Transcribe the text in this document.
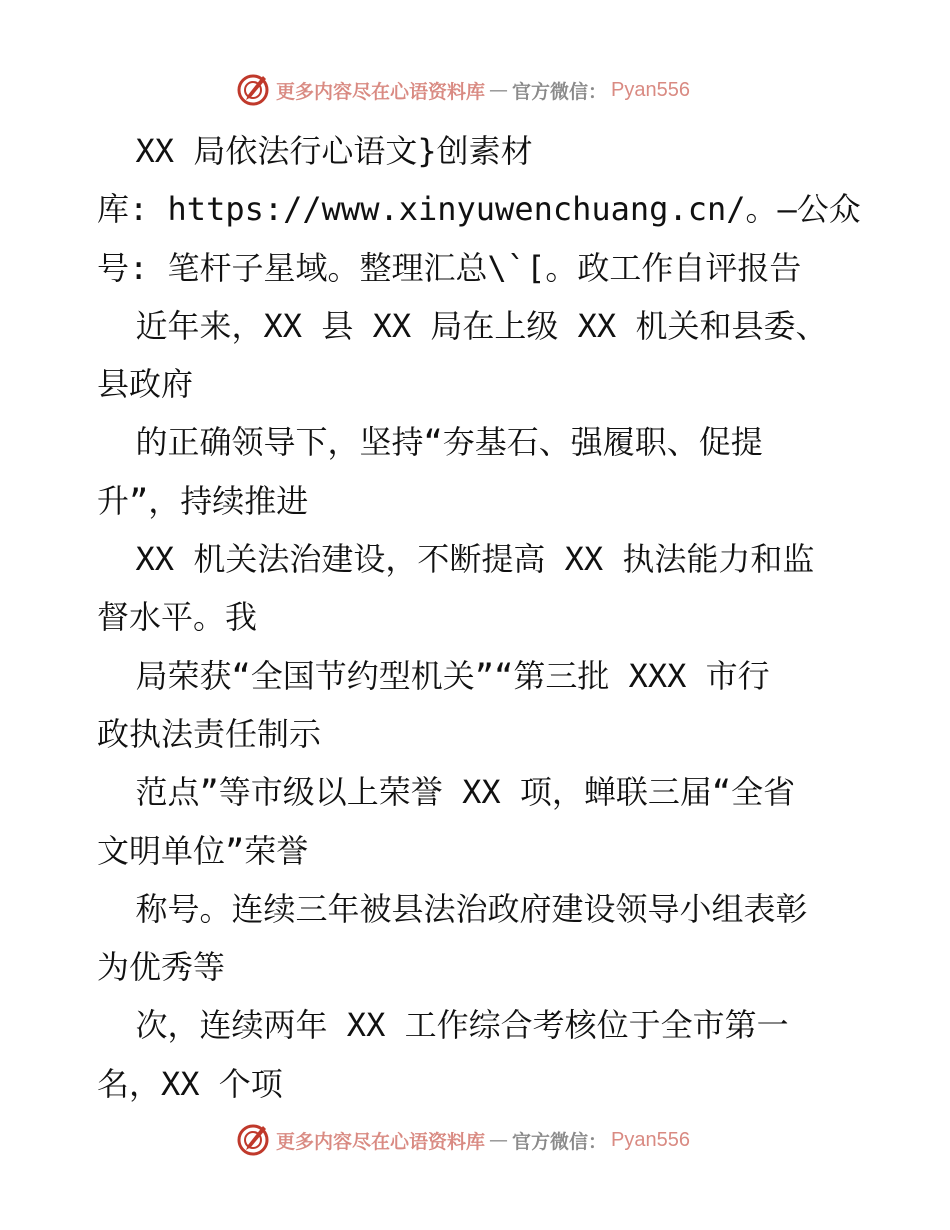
更多内容尽在心语资料库 — 官方微信： Pyan556
XX 局依法行心语文}创素材
库: https://www.xinyuwenchuang.cn/。—公众
号: 笔杆子星域。整理汇总\`[。政工作自评报告
近年来，XX 县 XX 局在上级 XX 机关和县委、
县政府
的正确领导下，坚持“夯基石、强履职、促提
升”，持续推进
XX 机关法治建设，不断提高 XX 执法能力和监
督水平。我
局荣获“全国节约型机关”“第三批 XXX 市行
政执法责任制示
范点”等市级以上荣誉 XX 项，蝉联三届“全省
文明单位”荣誉
称号。连续三年被县法治政府建设领导小组表彰
为优秀等
次，连续两年 XX 工作综合考核位于全市第一
名，XX 个项
更多内容尽在心语资料库 — 官方微信： Pyan556
